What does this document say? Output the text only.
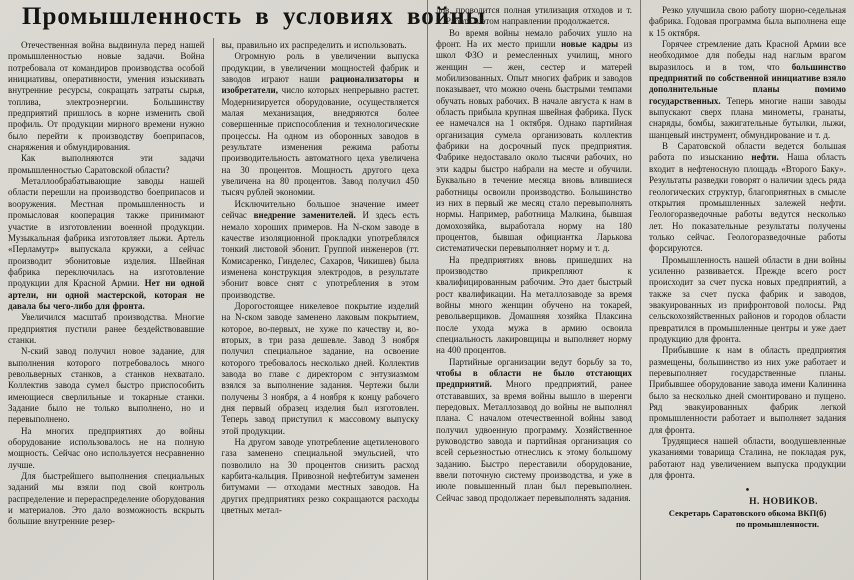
Промышленность в условиях войны

Отечественная война выдвинула перед нашей промышленностью новые задачи. Война потребовала от командиров производства особой инициативы, оперативности, умения изыскивать внутренние ресурсы, сокращать затраты сырья, топлива, электроэнергии. Большинству предприятий пришлось в корне изменить свой профиль. От продукции мирного времени нужно было перейти к производству боеприпасов, снаряжения и обмундирования.

Как выполняются эти задачи промышленностью Саратовской области?

Металлообрабатывающие заводы нашей области перешли на производство боеприпасов и вооружения. Местная промышленность и промысловая кооперация также принимают участие в изготовлении военной продукции. Музыкальная фабрика изготовляет лыжи. Артель «Перламутр» выпускала кружки, а сейчас производит эбонитовые изделия. Швейная фабрика переключилась на изготовление продукции для Красной Армии. Нет ни одной артели, ни одной мастерской, которая не давала бы чего-либо для фронта.

Увеличился масштаб производства. Многие предприятия пустили ранее бездействовавшие станки.

N-ский завод получил новое задание, для выполнения которого потребовалось много револьверных станков, а станков нехватало. Коллектив завода сумел быстро приспособить имеющиеся сверлильные и токарные станки. Задание было не только выполнено, но и перевыполнено.

На многих предприятиях до войны оборудование использовалось не на полную мощность. Сейчас оно используется несравненно лучше.

Для быстрейшего выполнения специальных заданий мы взяли под свой контроль распределение и перераспределение оборудования и материалов. Это дало возможность вскрыть большие внутренние резер-

вы, правильно их распределить и использовать.

Огромную роль в увеличении выпуска продукции, в увеличении мощностей фабрик и заводов играют наши рационализаторы и изобретатели, число которых непрерывно растет. Модернизируется оборудование, осуществляется малая механизация, внедряются более совершенные приспособления и технологические процессы. На одном из оборонных заводов в результате изменения режима работы производительность автоматного цеха увеличена на 30 процентов. Мощность другого цеха увеличена на 80 процентов. Завод получил 450 тысяч рублей экономии.

Исключительно большое значение имеет сейчас внедрение заменителей. И здесь есть немало хороших примеров. На N-ском заводе в качестве изоляционной прокладки употреблялся тонкий листовой эбонит. Группой инженеров (тт. Комисаренко, Гинделес, Сахаров, Чикишев) была изменена конструкция электродов, в результате эбонит вовсе снят с употребления в этом производстве.

Дорогостоящее никелевое покрытие изделий на N-ском заводе заменено лаковым покрытием, которое, во-первых, не хуже по качеству и, во-вторых, в три раза дешевле. Завод 3 ноября получил специальное задание, на освоение которого требовалось несколько дней. Коллектив завода во главе с директором с энтузиазмом взялся за выполнение задания. Чертежи были получены 3 ноября, а 4 ноября к концу рабочего дня первый образец изделия был изготовлен. Теперь завод приступил к массовому выпуску этой продукции.

На другом заводе употребление ацетиленового газа заменено специальной эмульсией, что позволило на 30 процентов снизить расход карбита-кальция. Привозной нефтебитум заменен битумами — отходами местных заводов. На других предприятиях резко сокращаются расходы цветных метал-

лов, проводится полная утилизация отходов и т. п. Работа в этом направлении продолжается.

Во время войны немало рабочих ушло на фронт. На их место пришли новые кадры из школ ФЗО и ремесленных училищ, много женщин — жен, сестер и матерей мобилизованных. Опыт многих фабрик и заводов показывает, что можно очень быстрыми темпами обучать новых рабочих. В начале августа к нам в область прибыла крупная швейная фабрика. Пуск ее намечался на 1 октября. Однако партийная организация сумела организовать коллектив фабрики на досрочный пуск предприятия. Фабрике недоставало около тысячи рабочих, но эти кадры быстро набрали на месте и обучили. Буквально в течение месяца вновь влившиеся работницы освоили производство. Большинство из них в первый же месяц стало перевыполнять нормы. Например, работница Малкина, бывшая домохозяйка, выработала норму на 180 процентов, бывшая официантка Ларькова систематически перевыполняет норму и т. д.

На предприятиях вновь пришедших на производство прикрепляют к квалифицированным рабочим. Это дает быстрый рост квалификации. На металлозаводе за время войны много женщин обучено на токарей, револьверщиков. Домашняя хозяйка Плаксина после ухода мужа в армию освоила специальность лакировщицы и выполняет норму на 400 процентов.

Партийные организации ведут борьбу за то, чтобы в области не было отстающих предприятий. Много предприятий, ранее отстававших, за время войны вышло в шеренги передовых. Металлозавод до войны не выполнял плана. С началом отечественной войны завод получил удвоенную программу. Хозяйственное руководство завода и партийная организация со всей серьезностью отнеслись к этому большому заданию. Быстро переставили оборудование, ввели поточную систему производства, и уже в июле повышенный план был перевыполнен. Сейчас завод продолжает перевыполнять задания.

Резко улучшила свою работу шорно-седельная фабрика. Годовая программа была выполнена еще к 15 октября.

Горячее стремление дать Красной Армии все необходимое для победы над наглым врагом выразилось и в том, что большинство предприятий по собственной инициативе взяло дополнительные планы помимо государственных. Теперь многие наши заводы выпускают сверх плана минометы, гранаты, снаряды, бомбы, зажигательные бутылки, лыжи, шанцевый инструмент, обмундирование и т. д.

В Саратовской области ведется большая работа по изысканию нефти. Наша область входит в нефтеносную площадь «Второго Баку». Результаты разведки говорят о наличии здесь ряда геологических структур, благоприятных в смысле открытия промышленных залежей нефти. Геологоразведочные работы ведутся несколько лет. Но показательные результаты получены только сейчас. Геологоразведочные работы форсируются.

Промышленность нашей области в дни войны усиленно развивается. Прежде всего рост происходит за счет пуска новых предприятий, а также за счет пуска фабрик и заводов, эвакуированных из прифронтовой полосы. Ряд сельскохозяйственных районов и городов области превратился в промышленные центры и уже дает продукцию для фронта.

Прибывшие к нам в область предприятия размещены, большинство из них уже работает и перевыполняет государственные планы. Прибывшее оборудование завода имени Калинина было за несколько дней смонтировано и пущено. Ряд эвакуированных фабрик легкой промышленности работает и выполняет задания для фронта.

Трудящиеся нашей области, воодушевленные указаниями товарища Сталина, не покладая рук, работают над увеличением выпуска продукции для фронта.

•
Н. НОВИКОВ.
Секретарь Саратовского обкома ВКП(б)
по промышленности.
